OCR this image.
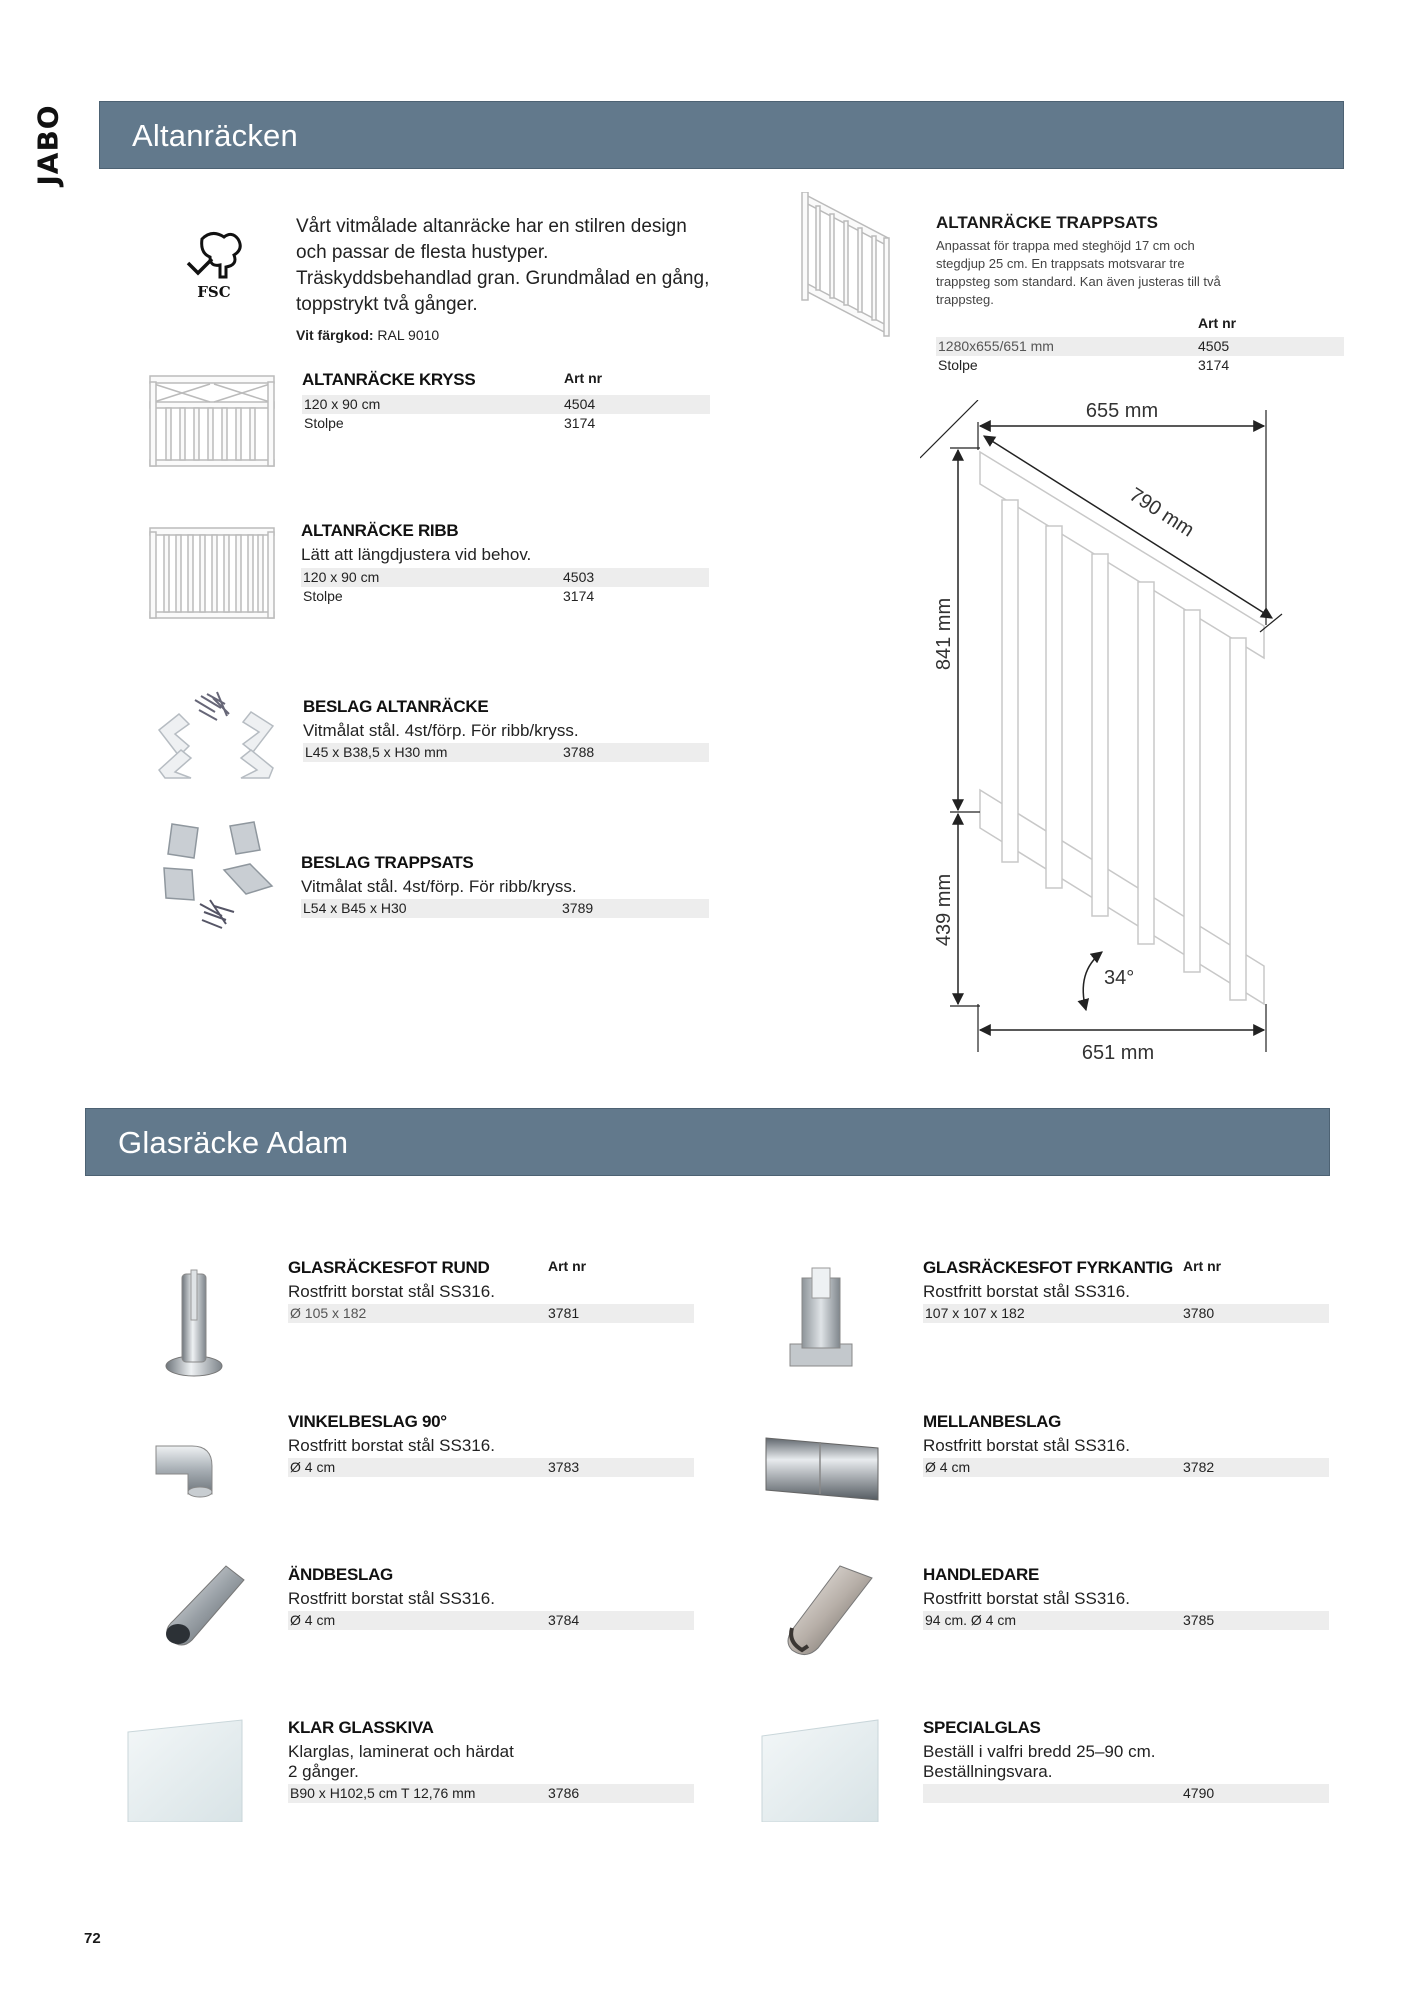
JABO	Altanräcken
FSC
Vårt vitmålade altanräcke har en stilren design och passar de flesta hustyper. Träskyddsbehandlad gran. Grundmålad en gång, toppstrykt två gånger.
Vit färgkod: RAL 9010
ALTANRÄCKE KRYSS	Art nr
120 x 90 cm	4504
Stolpe	3174
ALTANRÄCKE RIBB
Lätt att längdjustera vid behov.
120 x 90 cm	4503
Stolpe	3174
BESLAG ALTANRÄCKE
Vitmålat stål. 4st/förp. För ribb/kryss.
L45 x B38,5 x H30 mm	3788
BESLAG TRAPPSATS
Vitmålat stål. 4st/förp. För ribb/kryss.
L54 x B45 x H30	3789
ALTANRÄCKE TRAPPSATS
Anpassat för trappa med steghöjd 17 cm och stegdjup 25 cm. En trappsats motsvarar tre trappsteg som standard. Kan även justeras till två trappsteg.
Art nr
1280x655/651 mm	4505
Stolpe	3174
655 mm
790 mm
841 mm
439 mm
34°
651 mm
Glasräcke Adam
GLASRÄCKESFOT RUND	Art nr
Rostfritt borstat stål SS316.
Ø 105 x 182	3781
VINKELBESLAG 90°
Rostfritt borstat stål SS316.
Ø 4 cm	3783
ÄNDBESLAG
Rostfritt borstat stål SS316.
Ø 4 cm	3784
KLAR GLASSKIVA
Klarglas, laminerat och härdat 2 gånger.
B90 x H102,5 cm T 12,76 mm	3786
GLASRÄCKESFOT FYRKANTIG Art nr
Rostfritt borstat stål SS316.
107 x 107 x 182	3780
MELLANBESLAG
Rostfritt borstat stål SS316.
Ø 4 cm	3782
HANDLEDARE
Rostfritt borstat stål SS316.
94 cm. Ø 4 cm	3785
SPECIALGLAS
Beställ i valfri bredd 25–90 cm. Beställningsvara.
4790
72
